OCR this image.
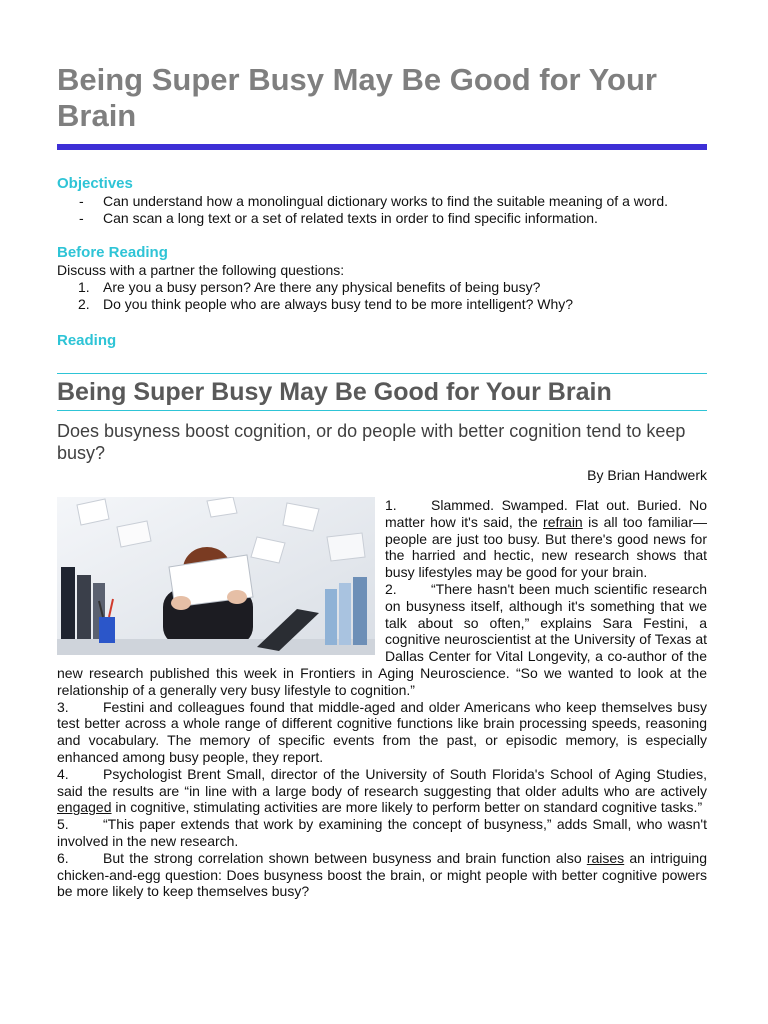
Being Super Busy May Be Good for Your Brain
Objectives
- Can understand how a monolingual dictionary works to find the suitable meaning of a word.
- Can scan a long text or a set of related texts in order to find specific information.
Before Reading
Discuss with a partner the following questions:
1. Are you a busy person? Are there any physical benefits of being busy?
2. Do you think people who are always busy tend to be more intelligent? Why?
Reading
Being Super Busy May Be Good for Your Brain
Does busyness boost cognition, or do people with better cognition tend to keep busy?
By Brian Handwerk

1. Slammed. Swamped. Flat out. Buried. No matter how it's said, the refrain is all too familiar—people are just too busy. But there's good news for the harried and hectic, new research shows that busy lifestyles may be good for your brain.

2. “There hasn't been much scientific research on busyness itself, although it's something that we talk about so often,” explains Sara Festini, a cognitive neuroscientist at the University of Texas at Dallas Center for Vital Longevity, a co-author of the new research published this week in Frontiers in Aging Neuroscience. “So we wanted to look at the relationship of a generally very busy lifestyle to cognition.”

3. Festini and colleagues found that middle-aged and older Americans who keep themselves busy test better across a whole range of different cognitive functions like brain processing speeds, reasoning and vocabulary. The memory of specific events from the past, or episodic memory, is especially enhanced among busy people, they report.

4. Psychologist Brent Small, director of the University of South Florida's School of Aging Studies, said the results are “in line with a large body of research suggesting that older adults who are actively engaged in cognitive, stimulating activities are more likely to perform better on standard cognitive tasks.”

5. “This paper extends that work by examining the concept of busyness,” adds Small, who wasn't involved in the new research.

6. But the strong correlation shown between busyness and brain function also raises an intriguing chicken-and-egg question: Does busyness boost the brain, or might people with better cognitive powers be more likely to keep themselves busy?
